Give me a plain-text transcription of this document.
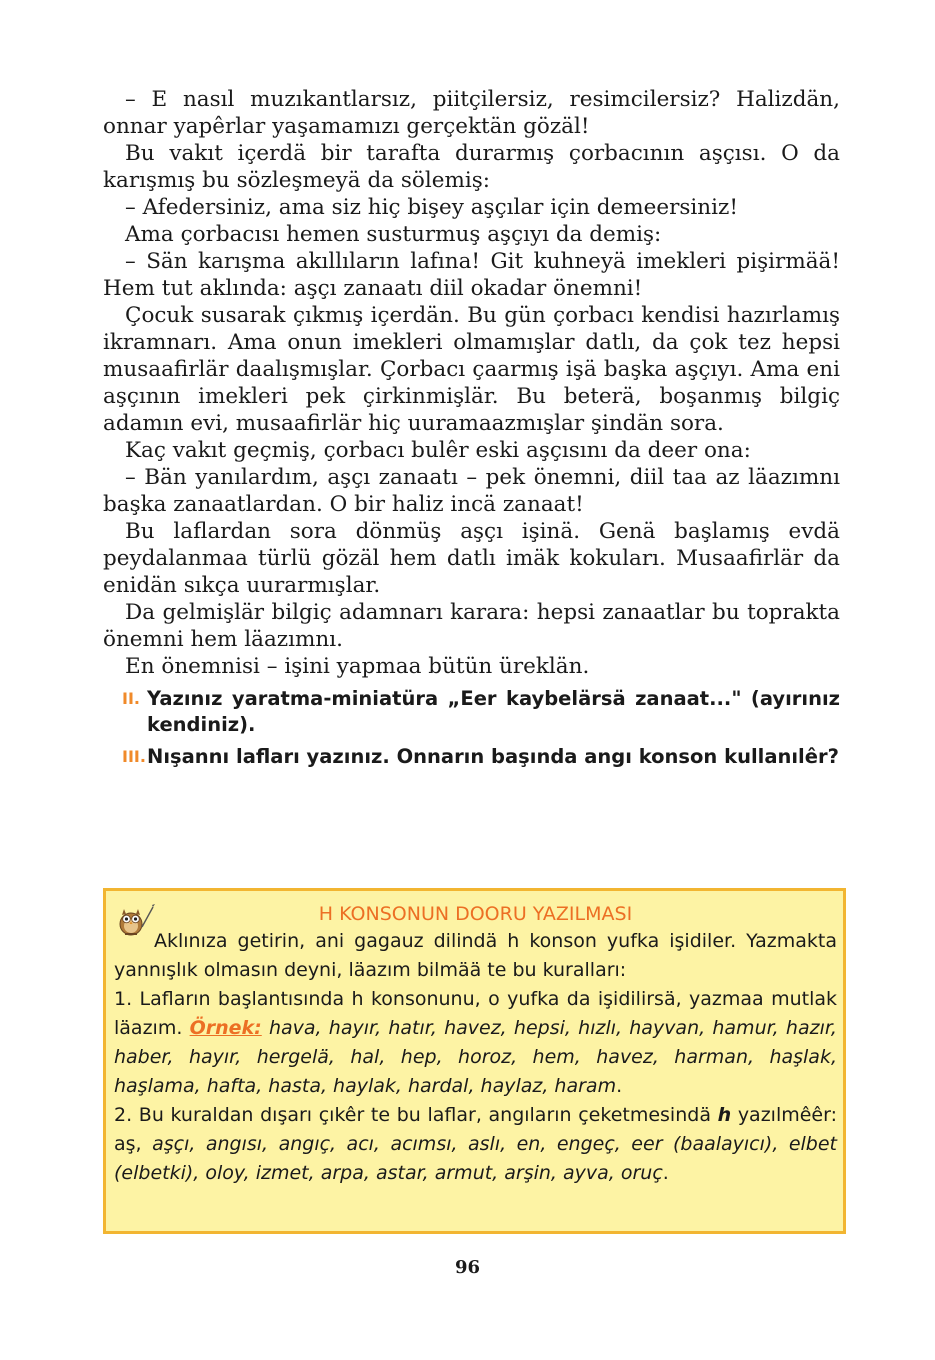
– E nasıl muzıkantlarsız, piitçilersiz, resimcilersiz? Halizdän, onnar yapêrlar yaşamamızı gerçektän gözäl!

Bu vakıt içerdä bir tarafta durarmış çorbacının aşçısı. O da karışmış bu sözleşmeyä da sölemiş:

– Afedersiniz, ama siz hiç bişey aşçılar için demeersiniz!

Ama çorbacısı hemen susturmuş aşçıyı da demiş:

– Sän karışma akıllıların lafına! Git kuhneyä imekleri pişirmää! Hem tut aklında: aşçı zanaatı diil okadar önemni!

Çocuk susarak çıkmış içerdän. Bu gün çorbacı kendisi hazırlamış ikramnarı. Ama onun imekleri olmamışlar datlı, da çok tez hepsi musaafirlär daalışmışlar. Çorbacı çaarmış işä başka aşçıyı. Ama eni aşçının imekleri pek çirkinmişlär. Bu beterä, boşanmış bilgiç adamın evi, musaafirlär hiç uuramaazmışlar şindän sora.

Kaç vakıt geçmiş, çorbacı bulêr eski aşçısını da deer ona:

– Bän yanılardım, aşçı zanaatı – pek önemni, diil taa az läazımnı başka zanaatlardan. O bir haliz incä zanaat!

Bu laflardan sora dönmüş aşçı işinä. Genä başlamış evdä peydalanmaa türlü gözäl hem datlı imäk kokuları. Musaafirlär da enidän sıkça uurarmışlar.

Da gelmişlär bilgiç adamnarı karara: hepsi zanaatlar bu toprakta önemni hem läazımnı.

En önemnisi – işini yapmaa bütün üreklän.

II. Yazınız yaratma-miniatüra „Eer kaybelärsä zanaat..." (ayırınız kendiniz).
III. Nışannı lafları yazınız. Onnarın başında angı konson kullanılêr?
H KONSONUN DOORU YAZILMASI

Aklınıza getirin, ani gagauz dilindä h konson yufka işidiler. Yazmakta yannışlık olmasın deyni, läazım bilmää te bu kuralları:

1. Lafların başlantısında h konsonunu, o yufka da işidilirsä, yazmaa mutlak läazım. Örnek: hava, hayır, hatır, havez, hepsi, hızlı, hayvan, hamur, hazır, haber, hayır, hergelä, hal, hep, horoz, hem, havez, harman, haşlak, haşlama, hafta, hasta, haylak, hardal, haylaz, haram.

2. Bu kuraldan dışarı çıkêr te bu laflar, angıların çeketmesindä h yazılmêêr: aş, aşçı, angısı, angıç, acı, acımsı, aslı, en, engeç, eer (baalayıcı), elbet (elbetki), oloy, izmet, arpa, astar, armut, arşin, ayva, oruç.

96
